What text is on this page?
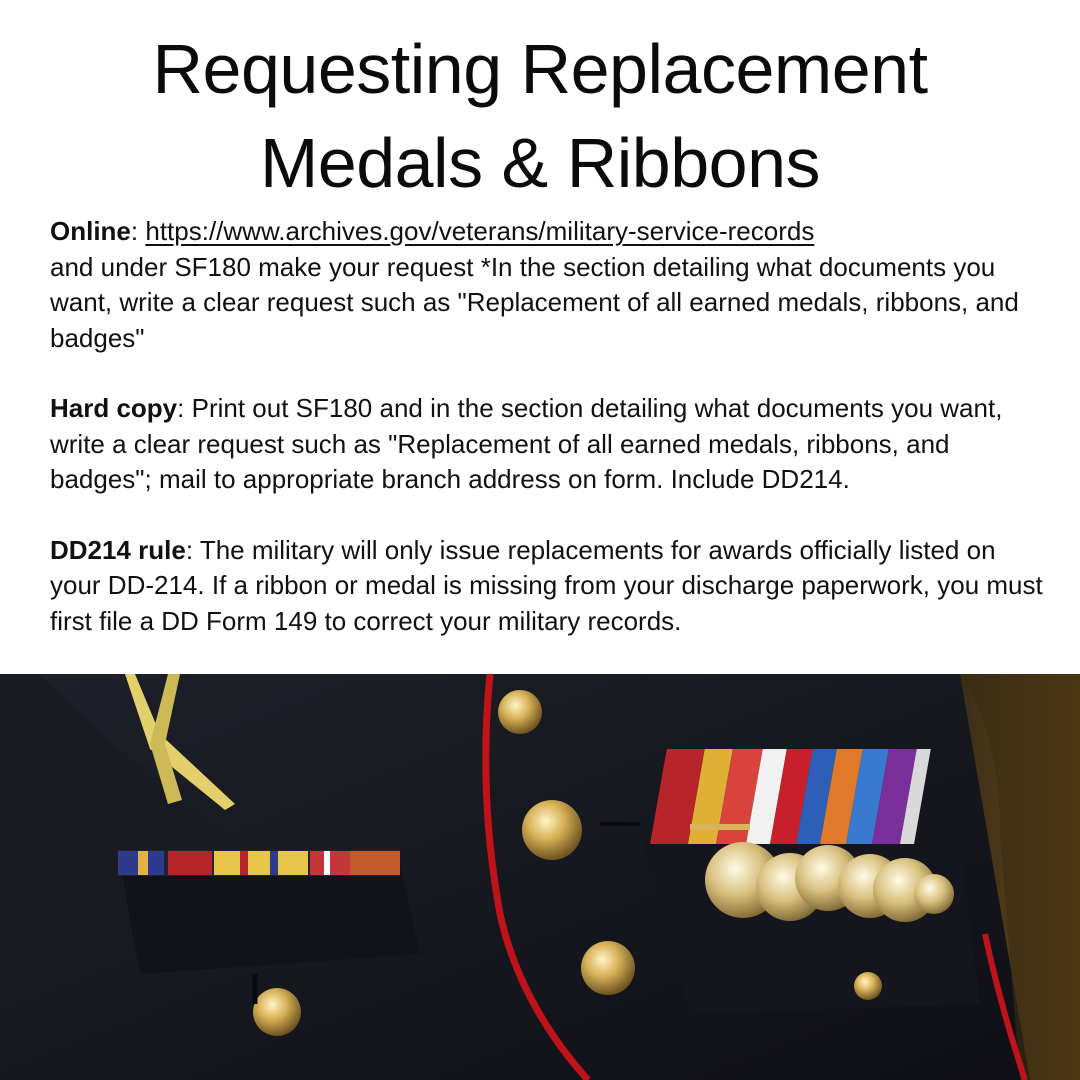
Requesting Replacement
Medals & Ribbons

Online: https://www.archives.gov/veterans/military-service-records
and under SF180 make your request *In the section detailing what documents you want, write a clear request such as "Replacement of all earned medals, ribbons, and badges"

Hard copy: Print out SF180 and in the section detailing what documents you want, write a clear request such as "Replacement of all earned medals, ribbons, and badges"; mail to appropriate branch address on form. Include DD214.

DD214 rule: The military will only issue replacements for awards officially listed on your DD-214. If a ribbon or medal is missing from your discharge paperwork, you must first file a DD Form 149 to correct your military records.
